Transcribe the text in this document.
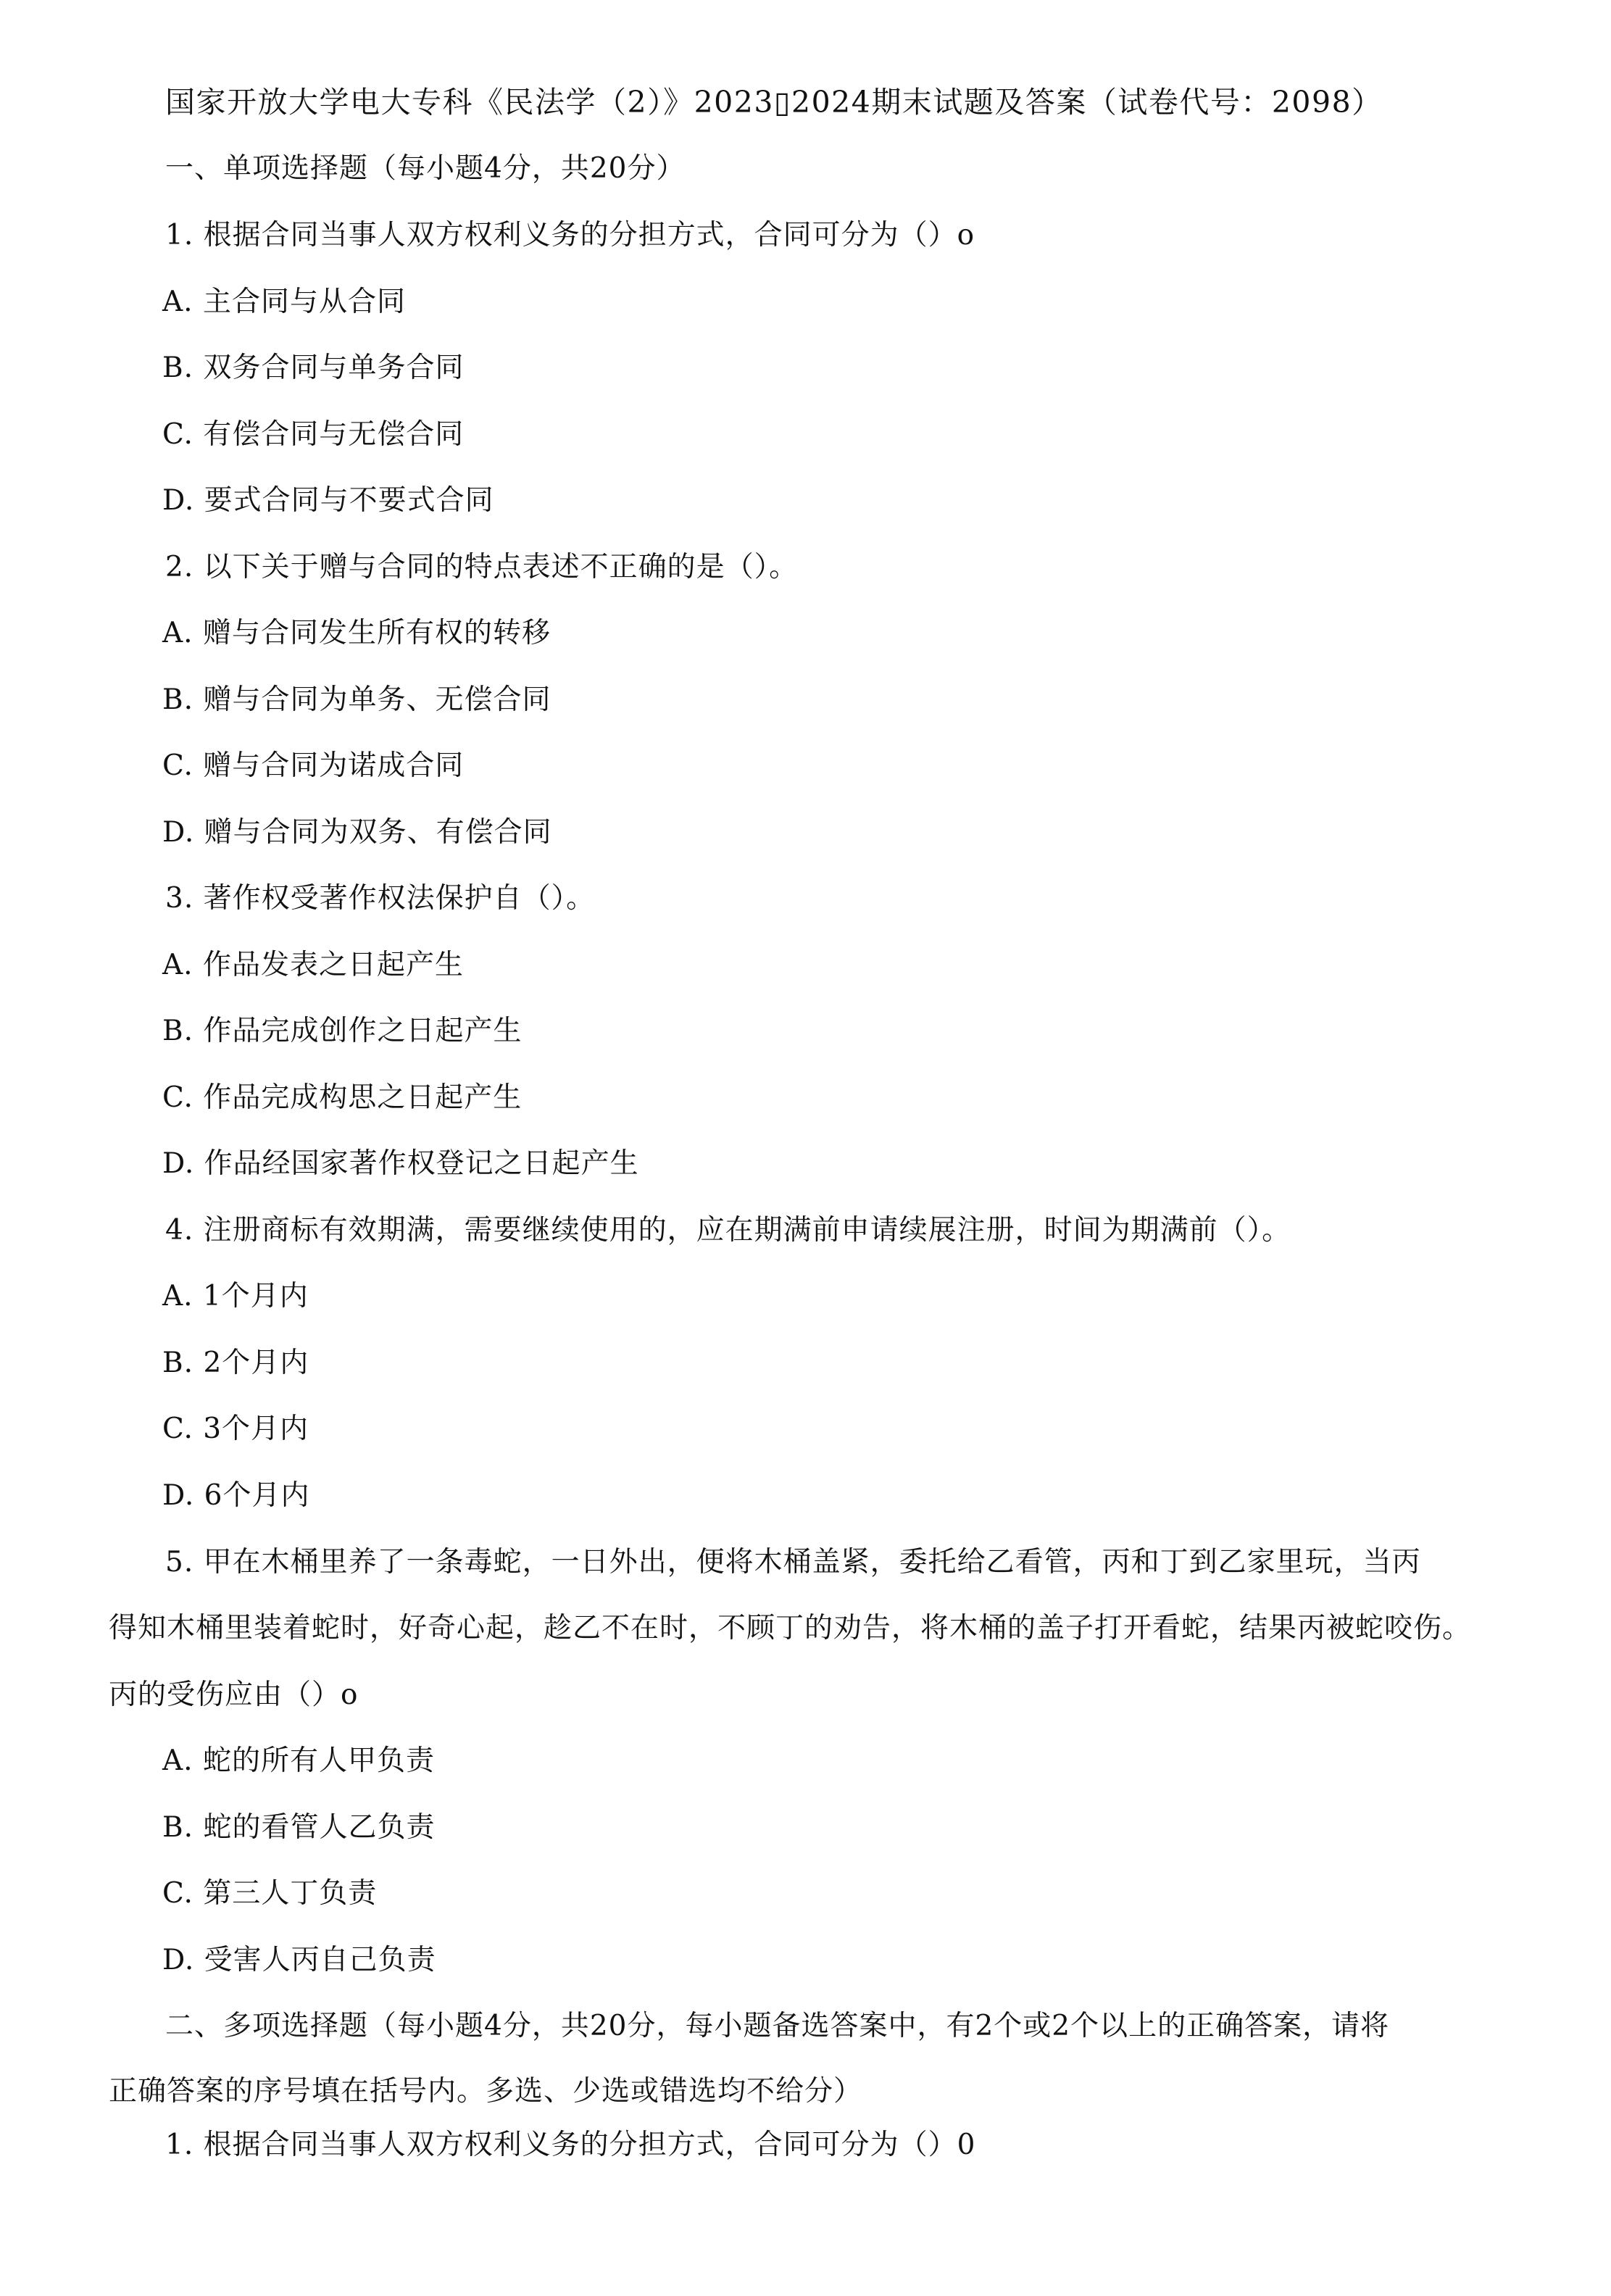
国家开放大学电大专科《民法学（2）》2023▯2024期末试题及答案（试卷代号：2098）
一、单项选择题（每小题4分，共20分）
1. 根据合同当事人双方权利义务的分担方式，合同可分为（）o
A. 主合同与从合同
B. 双务合同与单务合同
C. 有偿合同与无偿合同
D. 要式合同与不要式合同
2. 以下关于赠与合同的特点表述不正确的是（）。
A. 赠与合同发生所有权的转移
B. 赠与合同为单务、无偿合同
C. 赠与合同为诺成合同
D. 赠与合同为双务、有偿合同
3. 著作权受著作权法保护自（）。
A. 作品发表之日起产生
B. 作品完成创作之日起产生
C. 作品完成构思之日起产生
D. 作品经国家著作权登记之日起产生
4. 注册商标有效期满，需要继续使用的，应在期满前申请续展注册，时间为期满前（）。
A. 1个月内
B. 2个月内
C. 3个月内
D. 6个月内
5. 甲在木桶里养了一条毒蛇，一日外出，便将木桶盖紧，委托给乙看管，丙和丁到乙家里玩，当丙
得知木桶里装着蛇时，好奇心起，趁乙不在时，不顾丁的劝告，将木桶的盖子打开看蛇，结果丙被蛇咬伤。
丙的受伤应由（）o
A. 蛇的所有人甲负责
B. 蛇的看管人乙负责
C. 第三人丁负责
D. 受害人丙自己负责
二、多项选择题（每小题4分，共20分，每小题备选答案中，有2个或2个以上的正确答案，请将
正确答案的序号填在括号内。多选、少选或错选均不给分）
1. 根据合同当事人双方权利义务的分担方式，合同可分为（）0
